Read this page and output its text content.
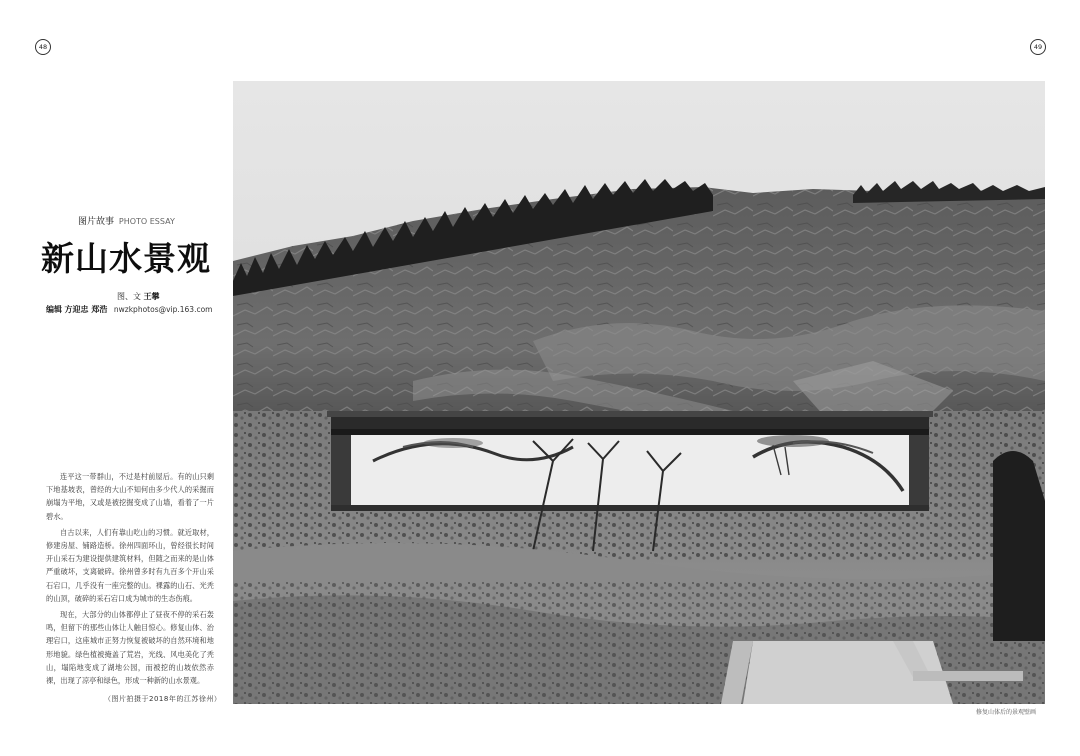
48	49
图片故事 PHOTO ESSAY
新山水景观
图、文 王攀
编辑 方迎忠 郑浩 nwzkphotos@vip.163.com

连平这一带群山，不过是村前屋后。有的山只剩下地基坡表，曾经的大山不知何由多少代人的采掘而崩塌为平地，又或是被挖掘变成了山墙，看着了一片碧水。

自古以来，人们有靠山吃山的习惯。就近取材，修建房屋、铺路造桥。徐州四面环山，曾经很长时间开山采石为建设提供建筑材料，但随之而来的是山体严重破坏，支离破碎。徐州曾多时有九百多个开山采石宕口，几乎没有一座完整的山。裸露的山石、光秃的山顶，破碎的采石宕口成为城市的生态伤痕。

现在，大部分的山体都停止了昼夜不停的采石轰鸣，但留下的那些山体让人触目惊心。修复山体、治理宕口，这座城市正努力恢复被破坏的自然环境和地形地貌。绿色植被掩盖了荒岩，光线、风电美化了秃山，塌陷地变成了湖地公园，而被挖的山坡依然赤裸，出现了凉亭和绿色，形成一种新的山水景观。

（图片拍摄于2018年的江苏徐州）
修复山体后的景观壁画
